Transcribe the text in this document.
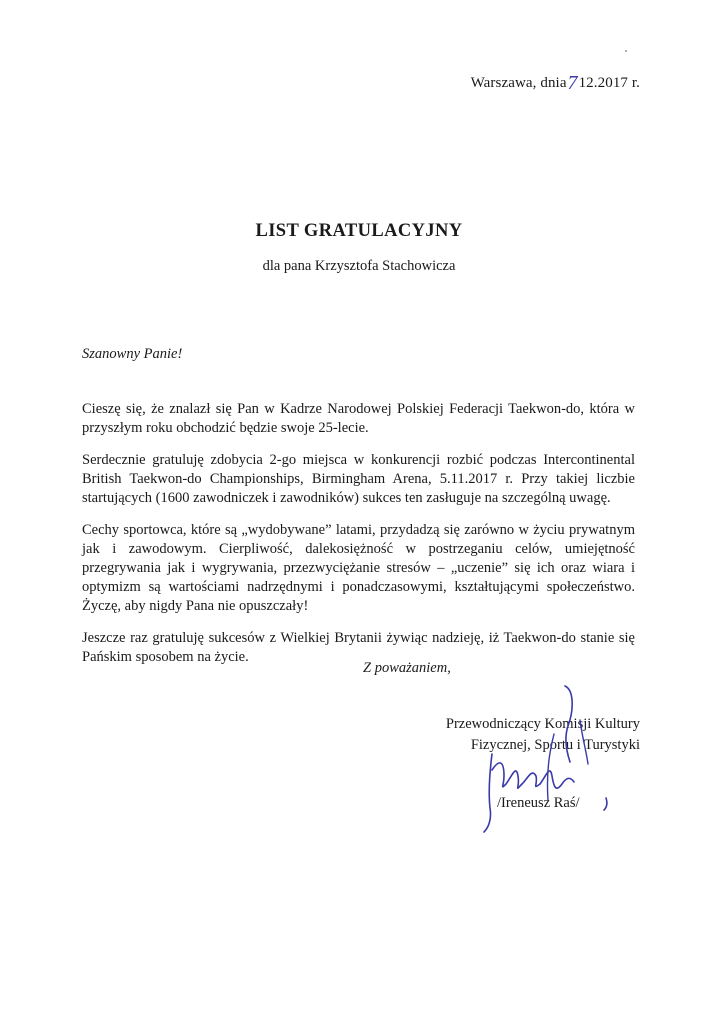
Warszawa, dnia712.2017 r.
LIST GRATULACYJNY
dla pana Krzysztofa Stachowicza
Szanowny Panie!

Cieszę się, że znalazł się Pan w Kadrze Narodowej Polskiej Federacji Taekwon-do, która w przyszłym roku obchodzić będzie swoje 25-lecie.

Serdecznie gratuluję zdobycia 2-go miejsca w konkurencji rozbić podczas Intercontinental British Taekwon-do Championships, Birmingham Arena, 5.11.2017 r. Przy takiej liczbie startujących (1600 zawodniczek i zawodników) sukces ten zasługuje na szczególną uwagę.

Cechy sportowca, które są „wydobywane” latami, przydadzą się zarówno w życiu prywatnym jak i zawodowym. Cierpliwość, dalekosiężność w postrzeganiu celów, umiejętność przegrywania jak i wygrywania, przezwyciężanie stresów – „uczenie” się ich oraz wiara i optymizm są wartościami nadrzędnymi i ponadczasowymi, kształtującymi społeczeństwo. Życzę, aby nigdy Pana nie opuszczały!

Jeszcze raz gratuluję sukcesów z Wielkiej Brytanii żywiąc nadzieję, iż Taekwon-do stanie się Pańskim sposobem na życie.

Z poważaniem,
Przewodniczący Komisji Kultury
Fizycznej, Sportu i Turystyki
/Ireneusz Raś/
